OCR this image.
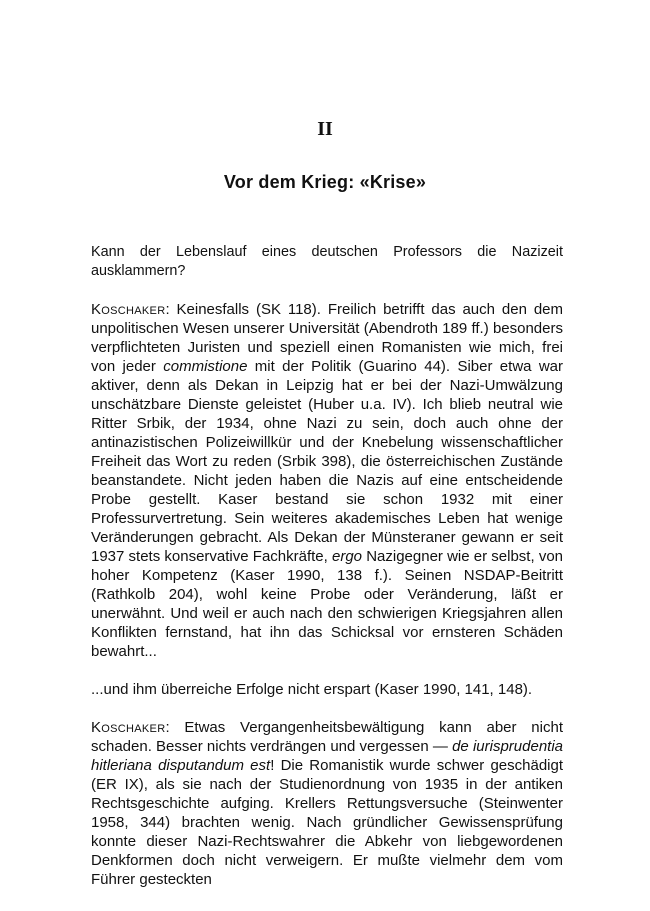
II
Vor dem Krieg: «Krise»

Kann der Lebenslauf eines deutschen Professors die Nazizeit ausklammern?

Koschaker: Keinesfalls (SK 118). Freilich betrifft das auch den dem unpolitischen Wesen unserer Universität (Abendroth 189 ff.) besonders verpflichteten Juristen und speziell einen Romanisten wie mich, frei von jeder commistione mit der Politik (Guarino 44). Siber etwa war aktiver, denn als Dekan in Leipzig hat er bei der Nazi-Umwälzung unschätzbare Dienste geleistet (Huber u.a. IV). Ich blieb neutral wie Ritter Srbik, der 1934, ohne Nazi zu sein, doch auch ohne der antinazistischen Polizeiwillkür und der Knebelung wissenschaftlicher Freiheit das Wort zu reden (Srbik 398), die österreichischen Zustände beanstandete. Nicht jeden haben die Nazis auf eine entscheidende Probe gestellt. Kaser bestand sie schon 1932 mit einer Professurvertretung. Sein weiteres akademisches Leben hat wenige Veränderungen gebracht. Als Dekan der Münsteraner gewann er seit 1937 stets konservative Fachkräfte, ergo Nazigegner wie er selbst, von hoher Kompetenz (Kaser 1990, 138 f.). Seinen NSDAP-Beitritt (Rathkolb 204), wohl keine Probe oder Veränderung, läßt er unerwähnt. Und weil er auch nach den schwierigen Kriegsjahren allen Konflikten fernstand, hat ihn das Schicksal vor ernsteren Schäden bewahrt...

...und ihm überreiche Erfolge nicht erspart (Kaser 1990, 141, 148).

Koschaker: Etwas Vergangenheitsbewältigung kann aber nicht schaden. Besser nichts verdrängen und vergessen — de iurisprudentia hitleriana disputandum est! Die Romanistik wurde schwer geschädigt (ER IX), als sie nach der Studienordnung von 1935 in der antiken Rechtsgeschichte aufging. Krellers Rettungsversuche (Steinwenter 1958, 344) brachten wenig. Nach gründlicher Gewissensprüfung konnte dieser Nazi-Rechtswahrer die Abkehr von liebgewordenen Denkformen doch nicht verweigern. Er mußte vielmehr dem vom Führer gesteckten
